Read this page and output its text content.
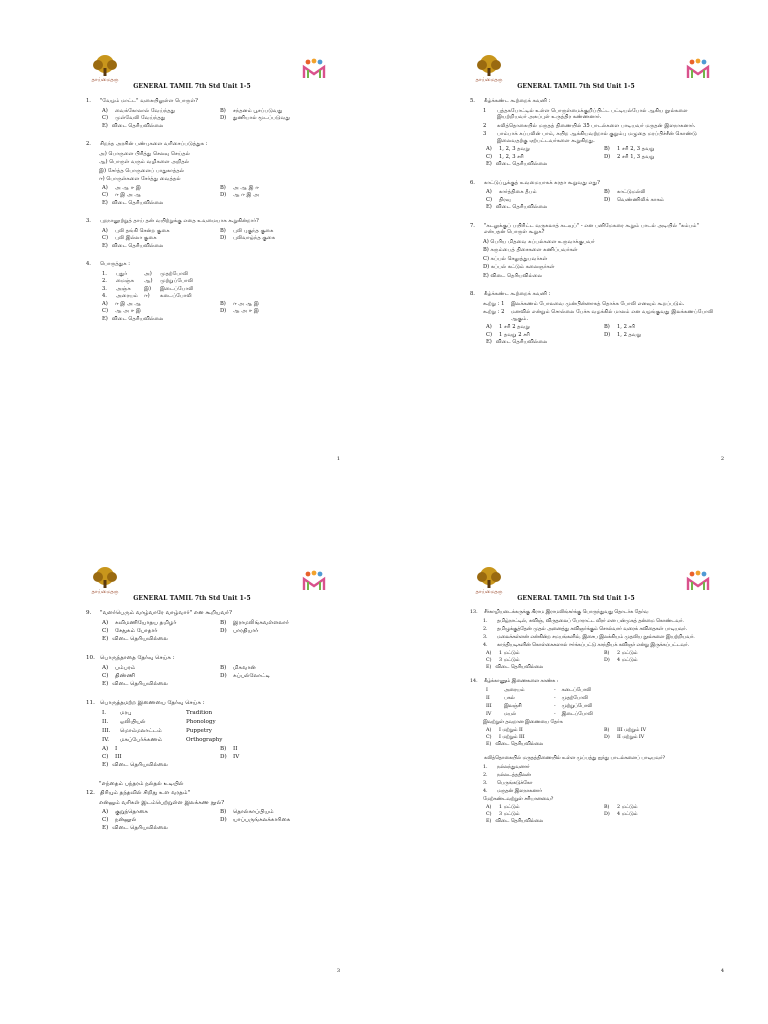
தாய்மைதரு
GENERAL TAMIL 7th Std Unit 1-5
1.	"வேழம் மாட்ட" வகையிலுள்ள பொருள்?
A)	வைக்கோலால் வேய்ந்தது	B)	சந்தனம் பூசப்படுவது
C)	முள்வேலி வேய்ந்தது	D)	துணியால் மூடப்படுவது
E) விடை தெரியவில்லை
2.	சிறந்த அரசின் பண்புகளை வரிசைப்படுத்துக :
அ) பொருளை பிரித்து செலவு செய்தல்
ஆ) பொருள் வரும் வழிகளை அறிதல்
இ) சேர்த்த பொருளைப் பாதுகாத்தல்
ஈ) பொருள்களை சேர்த்து வைத்தல்
A)	அ ஆ ஈ இ	B)	அ ஆ இ ஈ
C)	ஈ இ அ ஆ	D)	ஆ ஈ இ அ
E) விடை தெரியவில்லை
3.	புறநானூற்றுத் தாய் தன் வயிற்றுக்கு எதை உவமையாக கூறுகின்றார்?
A)	புலி தங்கி சென்ற குகை	B)	புலி புகுந்த குகை
C)	புலி இல்லா குகை	D)	புலிவாழ்ந்த குகை
E) விடை தெரியவில்லை
4.	பொருத்துக :
1.	புதுர்	அ)	முதற்போலி
2.	மைஞ்சு	ஆ) முற்றுப்போலி
3.	அஞ்சு	இ)	இடைப்போலி
4.	அரையம் ஈ)	கடைப்போலி
A)	ஈ இ அ ஆ	B)	ஈ அ ஆ இ
C)	ஆ அ ஈ இ	D)	ஆ அ ஈ இ
E) விடை தெரியவில்லை
1
தாய்மைதரு
GENERAL TAMIL 7th Std Unit 1-5
5.	கீழ்க்கண்ட கூற்றைக் கவனி :
1	புத்தகபோட்டில் உள்ள பொருள்மைக்குறிப்பிட்ட பட்டியல்போல் ஆகிய நூல்களை இயற்றியவர் அகப்புள் உருத்திர கண்ணனார்.
2	கலித்தொகையில் மருதத் திணையில் 35 பாடல்களை பாடியவர் மருதன் இளநாகனார்.
3	பாம்பாக் கப்பலின் பாம், கயிற ஆக்கியவற்றால் குறும்பு மழுதை மரப்பிச்சீன் கொண்டு இலைவதற்கு ஏற்பட்டவர்களை கூறுகிறது.
A)	1, 2, 3 தவறு	B)	1 சரி 2, 3 தவறு
C)	1, 2, 3 சரி	D)	2 சரி 1, 3 தவறு
E) விடை தெரியவில்லை
6.	காட்டுப்பூக்குத் உவமையாகக் கரதா கூறுவது எது?
A)	கார்த்திகை தீபம்	B)	காட்டுமல்லி
C)	திரவு	D)	வெண்ணிலிக் காகம்
E) விடை தெரியவில்லை
7.	"கடலுக்குப் பயிரிட்ட வருகலாத் கடவுப்" - என பனிமேகரை கூறும் பாடல் அடியில் "கம்பம்" என்பதன் பொருள் கூறுக?
A) பெரிய மிதவை கப்பல்களை உருவாக்குபவர்
B) கரும்பைத் திசைகளை கணிப்பவர்கள்
C) கப்பல் செலுத்துபவர்கள்
D) கப்பல் கட்டும் கலைஞர்கள்
E) விடை தெரியவில்லை
8.	கீழ்க்கண்ட கூற்றைக் கவனி :
கூற்று : 1 இலக்கணம் போலவை முன்பின்னாகத் தொக்க போலி எனவும் கூறப்படும்.
கூற்று : 2 மனவில் என்றும் சொல்லை பேச்சு வழக்கில் மாலம் என வழங்குவது இலக்கணப்போலி ஆகும்.
A)	1 சரி 2 தவறு	B)	1, 2 சரி
C)	1 தவறு 2 சரி	D)	1, 2 தவறு
E) விடை தெரியவில்லை
2
தாய்மைதரு
GENERAL TAMIL 7th Std Unit 1-5
9.	"வளர்பெரும் வாழ்வாரே வாழ்வார்" என கூறியவர்?
A)	கவிமணியோதய தமிழர்	B)	இராமலிங்கவள்ளலார்
C)	சேதுகம் போதார்	D)	பாரதியார்
E) விடை தெரியவில்லை
10. பொருந்தாதை தேர்வு செய்க :
A)	பம்பரம்	B)	மிகவான்
C)	திண்ணி	D)	கப்பல்லோட்டி
E) விடை தெரியவில்லை
11. பொருத்தமற்ற இணையை தேர்வு செய்க :
I.	மரபு	Tradition
II.	ஒலியியல்	Phonology
III.	மொம்மலாட்டம்	Puppetry
IV.	மகப்பேர்க்கணம்	Orthography
A)	I	B)	II
C)	III	D)	IV
E) விடை தெரியவில்லை
"எந்தைம் பந்தரம் நல்தல் உடியில்
12. திரியும் தந்தவில் சிறிது உள வரதம்"
என்னும் வரிகள் இடம்பெற்றுள்ள இலக்கண நூல்?
A)	குறுந்தொகை	B)	தொல்காப்பியம்
C)	நன்னூல்	D)	யாப்பருங்கலக்காரிகை
E) விடை தெரியவில்லை
3
தாய்மைதரு
GENERAL TAMIL 7th Std Unit 1-5
13.	சீர்காழியடைக்கருக்கு கிராம இராமலிங்கர்க்கு பொருந்துவது தொடர்க தேர்வ
1.	தமிழ்நாட்டில், சுவிஞ், விருதலைப் போராட்ட வீரர் என பன்முகத் தன்மை கொண்டவர்.
2.	தமிழுக்குத்தேன் முதல் அனைத்து கவிஞர்க்கும் சொல்வார் வரைக் கவிதைகள் பாடியவர்.
3.	மலைக்கள்ளன் என்கின்ற சமயங்களில், இசைப இலக்கியம் முதலிய நூல்களை இயற்றியவர்.
4.	காந்தியடிகளின் கொள்கைகளால் ஈர்க்கப்பட்டு காந்தியக் கவிஞர் என்று இருக்கப்பட்டவர்.
A)	1 மட்டும்	B)	2 மட்டும்
C)	3 மட்டும்	D)	4 மட்டும்
E) விடை தெரியவில்லை
14.	கீழ்க்காணும் இணைகளை காண்க :
I	அரையம்	- கடைப்போலி
II	பகல்	- முதற்போலி
III	இலஞ்சி	- முற்றுப்போலி
IV	மயல்	- இடைப்போலி
இவற்றுள் தவறான இணையை தேர்க
A)	I மற்றும் II	B)	III மற்றும் IV
C)	I மற்றும் III	D)	II மற்றும் IV
E) விடை தெரியவில்லை
கலித்தொகையில் மருதத்திணையில் உள்ள முப்பத்து ஐந்து பாடல்களைப் பாடியவர்?
1.	நல்லந்துவனார்
2.	நல்லடத்ததிலன்
3.	பெருங்கடுக்கோ
4.	மருதன் இளநாகனார்
மேற்கண்டவற்றுள் சரியானவை?
A)	1 மட்டும்	B)	2 மட்டும்
C)	3 மட்டும்	D)	4 மட்டும்
E) விடை தெரியவில்லை
4
